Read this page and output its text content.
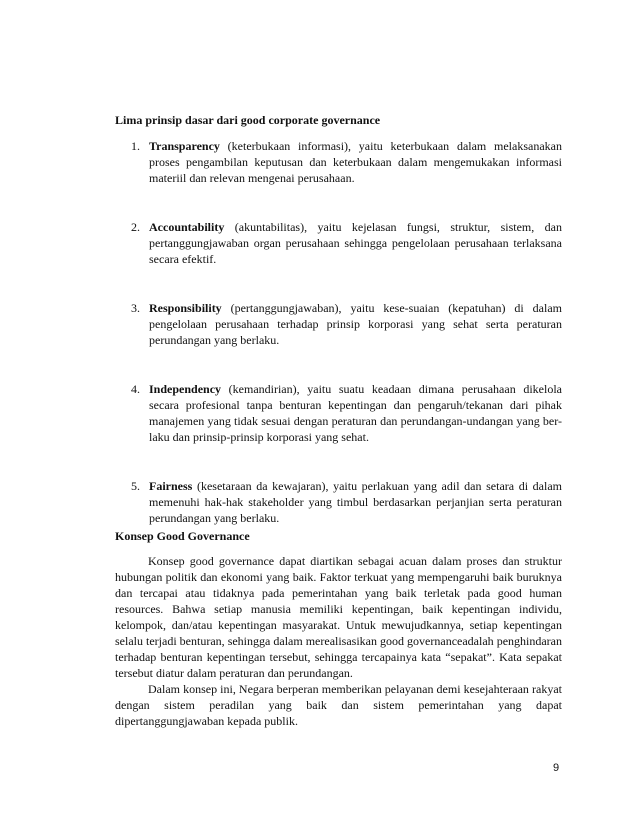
Lima prinsip dasar dari good corporate governance
1. Transparency (keterbukaan informasi), yaitu keterbukaan dalam melaksanakan proses pengambilan keputusan dan keterbukaan dalam mengemukakan informasi materiil dan relevan mengenai perusahaan.
2. Accountability (akuntabilitas), yaitu kejelasan fungsi, struktur, sistem, dan pertanggungjawaban organ perusahaan sehingga pengelolaan perusahaan terlaksana secara efektif.
3. Responsibility (pertanggungjawaban), yaitu kese-suaian (kepatuhan) di dalam pengelolaan perusahaan terhadap prinsip korporasi yang sehat serta peraturan perundangan yang berlaku.
4. Independency (kemandirian), yaitu suatu keadaan dimana perusahaan dikelola secara profesional tanpa benturan kepentingan dan pengaruh/tekanan dari pihak manajemen yang tidak sesuai dengan peraturan dan perundangan-undangan yang ber-laku dan prinsip-prinsip korporasi yang sehat.
5. Fairness (kesetaraan da kewajaran), yaitu perlakuan yang adil dan setara di dalam memenuhi hak-hak stakeholder yang timbul berdasarkan perjanjian serta peraturan perundangan yang berlaku.
Konsep Good Governance

Konsep good governance dapat diartikan sebagai acuan dalam proses dan struktur hubungan politik dan ekonomi yang baik. Faktor terkuat yang mempengaruhi baik buruknya dan tercapai atau tidaknya pada pemerintahan yang baik terletak pada good human resources. Bahwa setiap manusia memiliki kepentingan, baik kepentingan individu, kelompok, dan/atau kepentingan masyarakat. Untuk mewujudkannya, setiap kepentingan selalu terjadi benturan, sehingga dalam merealisasikan good governanceadalah penghindaran terhadap benturan kepentingan tersebut, sehingga tercapainya kata “sepakat”. Kata sepakat tersebut diatur dalam peraturan dan perundangan.

Dalam konsep ini, Negara berperan memberikan pelayanan demi kesejahteraan rakyat dengan sistem peradilan yang baik dan sistem pemerintahan yang dapat dipertanggungjawaban kepada publik.

9
